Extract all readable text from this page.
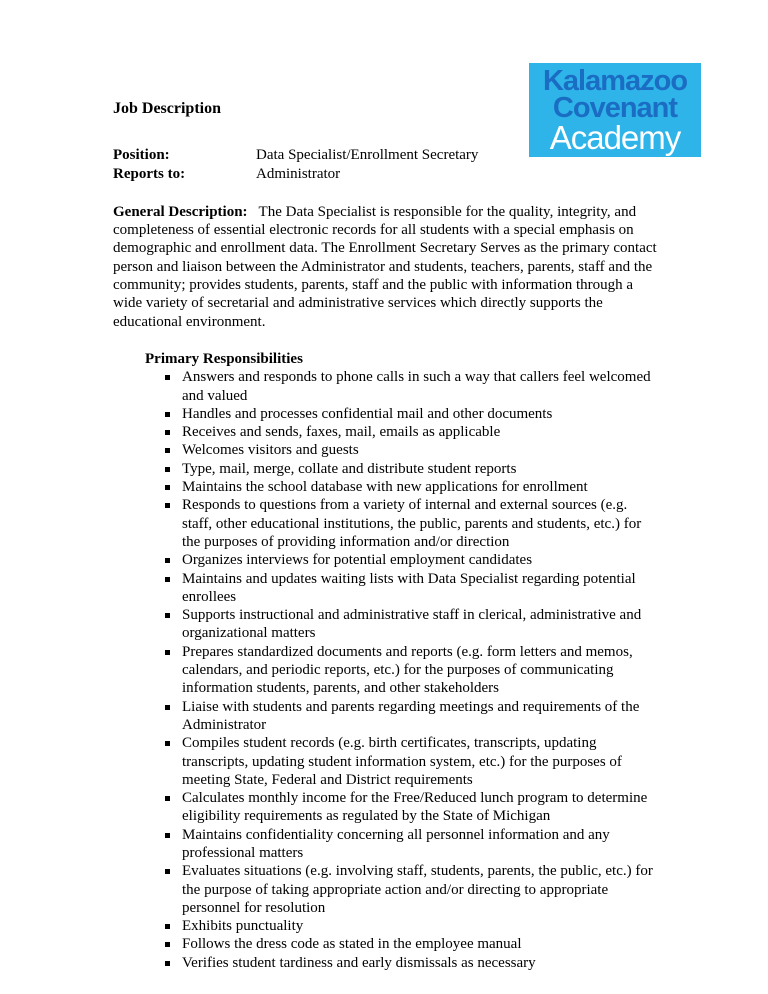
Kalamazoo
Covenant
Academy
Job Description
Position:	Data Specialist/Enrollment Secretary
Reports to:	Administrator

General Description:   The Data Specialist is responsible for the quality, integrity, and completeness of essential electronic records for all students with a special emphasis on demographic and enrollment data. The Enrollment Secretary Serves as the primary contact person and liaison between the Administrator and students, teachers, parents, staff and the community; provides students, parents, staff and the public with information through a wide variety of secretarial and administrative services which directly supports the educational environment.

Primary Responsibilities
Answers and responds to phone calls in such a way that callers feel welcomed and valued
Handles and processes confidential mail and other documents
Receives and sends, faxes, mail, emails as applicable
Welcomes visitors and guests
Type, mail, merge, collate and distribute student reports
Maintains the school database with new applications for enrollment
Responds to questions from a variety of internal and external sources (e.g. staff, other educational institutions, the public, parents and students, etc.) for the purposes of providing information and/or direction
Organizes interviews for potential employment candidates
Maintains and updates waiting lists with Data Specialist regarding potential enrollees
Supports instructional and administrative staff in clerical, administrative and organizational matters
Prepares standardized documents and reports (e.g. form letters and memos, calendars, and periodic reports, etc.) for the purposes of communicating information students, parents, and other stakeholders
Liaise with students and parents regarding meetings and requirements of the Administrator
Compiles student records (e.g. birth certificates, transcripts, updating transcripts, updating student information system, etc.) for the purposes of meeting State, Federal and District requirements
Calculates monthly income for the Free/Reduced lunch program to determine eligibility requirements as regulated by the State of Michigan
Maintains confidentiality concerning all personnel information and any professional matters
Evaluates situations (e.g. involving staff, students, parents, the public, etc.) for the purpose of taking appropriate action and/or directing to appropriate personnel for resolution
Exhibits punctuality
Follows the dress code as stated in the employee manual
Verifies student tardiness and early dismissals as necessary
